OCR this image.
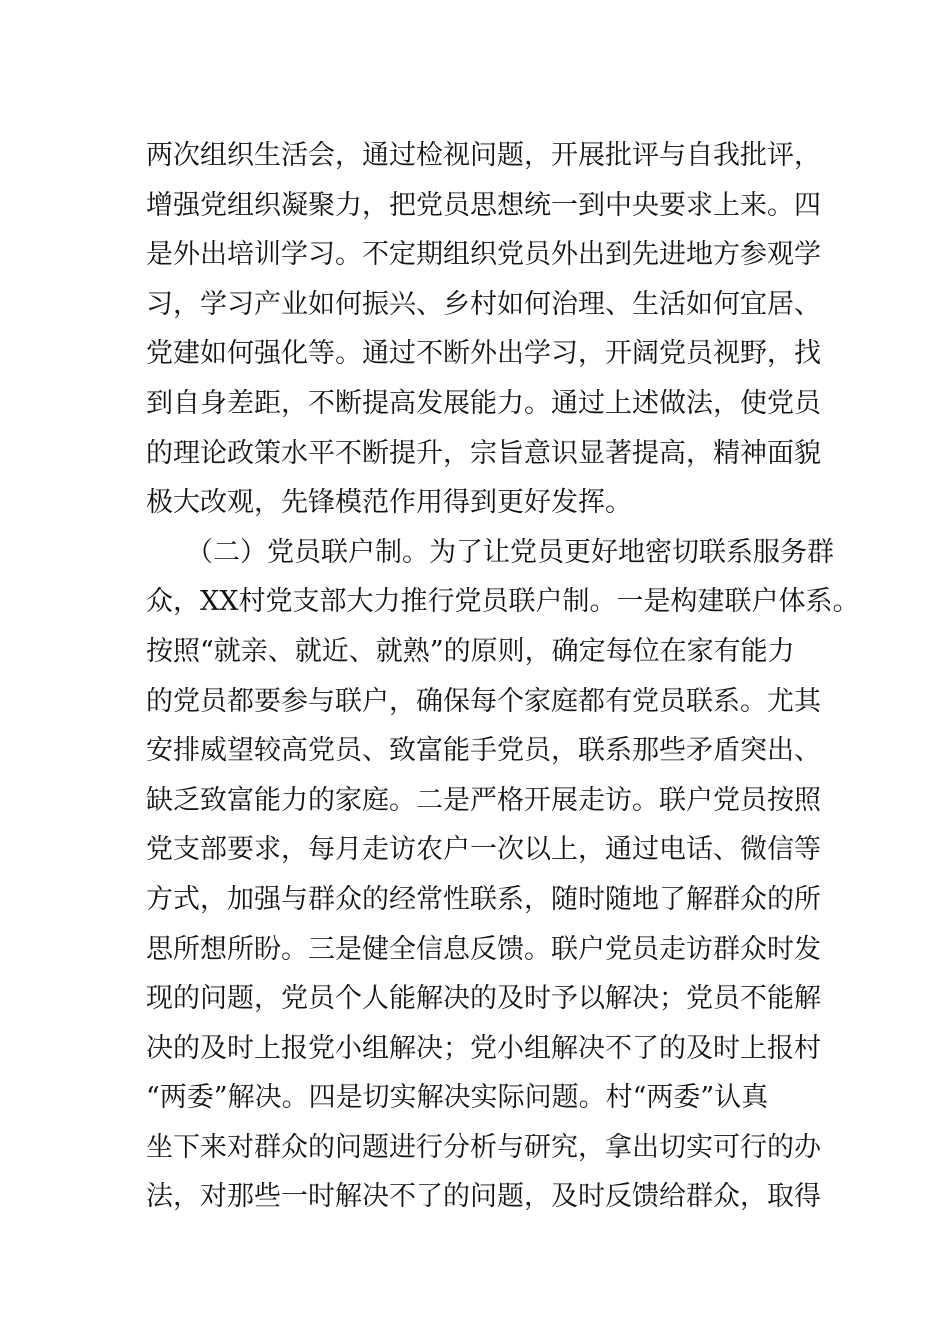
两次组织生活会，通过检视问题，开展批评与自我批评，
增强党组织凝聚力，把党员思想统一到中央要求上来。四
是外出培训学习。不定期组织党员外出到先进地方参观学
习，学习产业如何振兴、乡村如何治理、生活如何宜居、
党建如何强化等。通过不断外出学习，开阔党员视野，找
到自身差距，不断提高发展能力。通过上述做法，使党员
的理论政策水平不断提升，宗旨意识显著提高，精神面貌
极大改观，先锋模范作用得到更好发挥。
（二）党员联户制。为了让党员更好地密切联系服务群
众，XX村党支部大力推行党员联户制。一是构建联户体系。
按照“就亲、就近、就熟”的原则，确定每位在家有能力
的党员都要参与联户，确保每个家庭都有党员联系。尤其
安排威望较高党员、致富能手党员，联系那些矛盾突出、
缺乏致富能力的家庭。二是严格开展走访。联户党员按照
党支部要求，每月走访农户一次以上，通过电话、微信等
方式，加强与群众的经常性联系，随时随地了解群众的所
思所想所盼。三是健全信息反馈。联户党员走访群众时发
现的问题，党员个人能解决的及时予以解决；党员不能解
决的及时上报党小组解决；党小组解决不了的及时上报村
“两委”解决。四是切实解决实际问题。村“两委”认真
坐下来对群众的问题进行分析与研究，拿出切实可行的办
法，对那些一时解决不了的问题，及时反馈给群众，取得
